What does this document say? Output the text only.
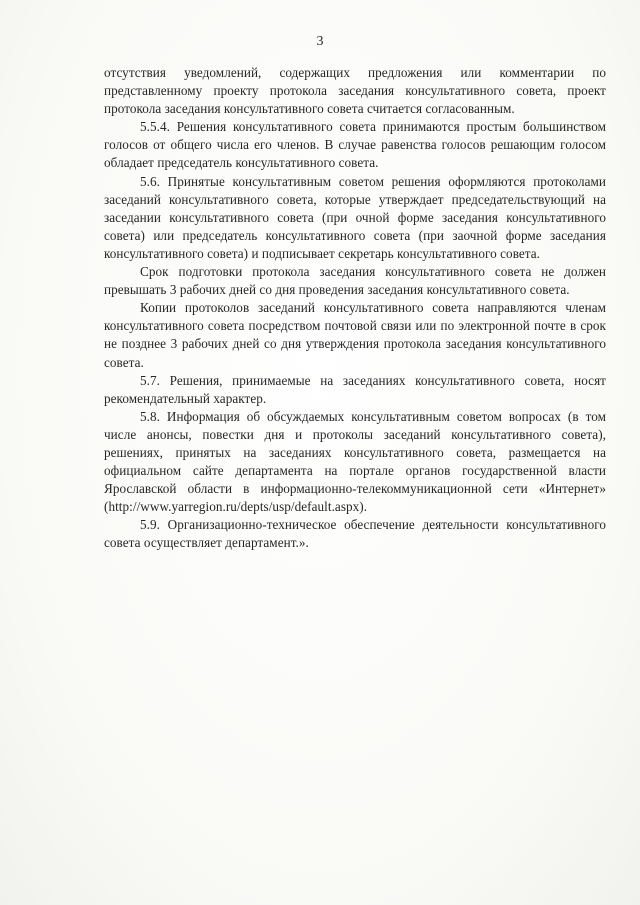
3

отсутствия уведомлений, содержащих предложения или комментарии по представленному проекту протокола заседания консультативного совета, проект протокола заседания консультативного совета считается согласованным.

5.5.4. Решения консультативного совета принимаются простым большинством голосов от общего числа его членов. В случае равенства голосов решающим голосом обладает председатель консультативного совета.

5.6. Принятые консультативным советом решения оформляются протоколами заседаний консультативного совета, которые утверждает председательствующий на заседании консультативного совета (при очной форме заседания консультативного совета) или председатель консультативного совета (при заочной форме заседания консультативного совета) и подписывает секретарь консультативного совета.

Срок подготовки протокола заседания консультативного совета не должен превышать 3 рабочих дней со дня проведения заседания консультативного совета.

Копии протоколов заседаний консультативного совета направляются членам консультативного совета посредством почтовой связи или по электронной почте в срок не позднее 3 рабочих дней со дня утверждения протокола заседания консультативного совета.

5.7. Решения, принимаемые на заседаниях консультативного совета, носят рекомендательный характер.

5.8. Информация об обсуждаемых консультативным советом вопросах (в том числе анонсы, повестки дня и протоколы заседаний консультативного совета), решениях, принятых на заседаниях консультативного совета, размещается на официальном сайте департамента на портале органов государственной власти Ярославской области в информационно-телекоммуникационной сети «Интернет» (http://www.yarregion.ru/depts/usp/default.aspx).

5.9. Организационно-техническое обеспечение деятельности консультативного совета осуществляет департамент.».
